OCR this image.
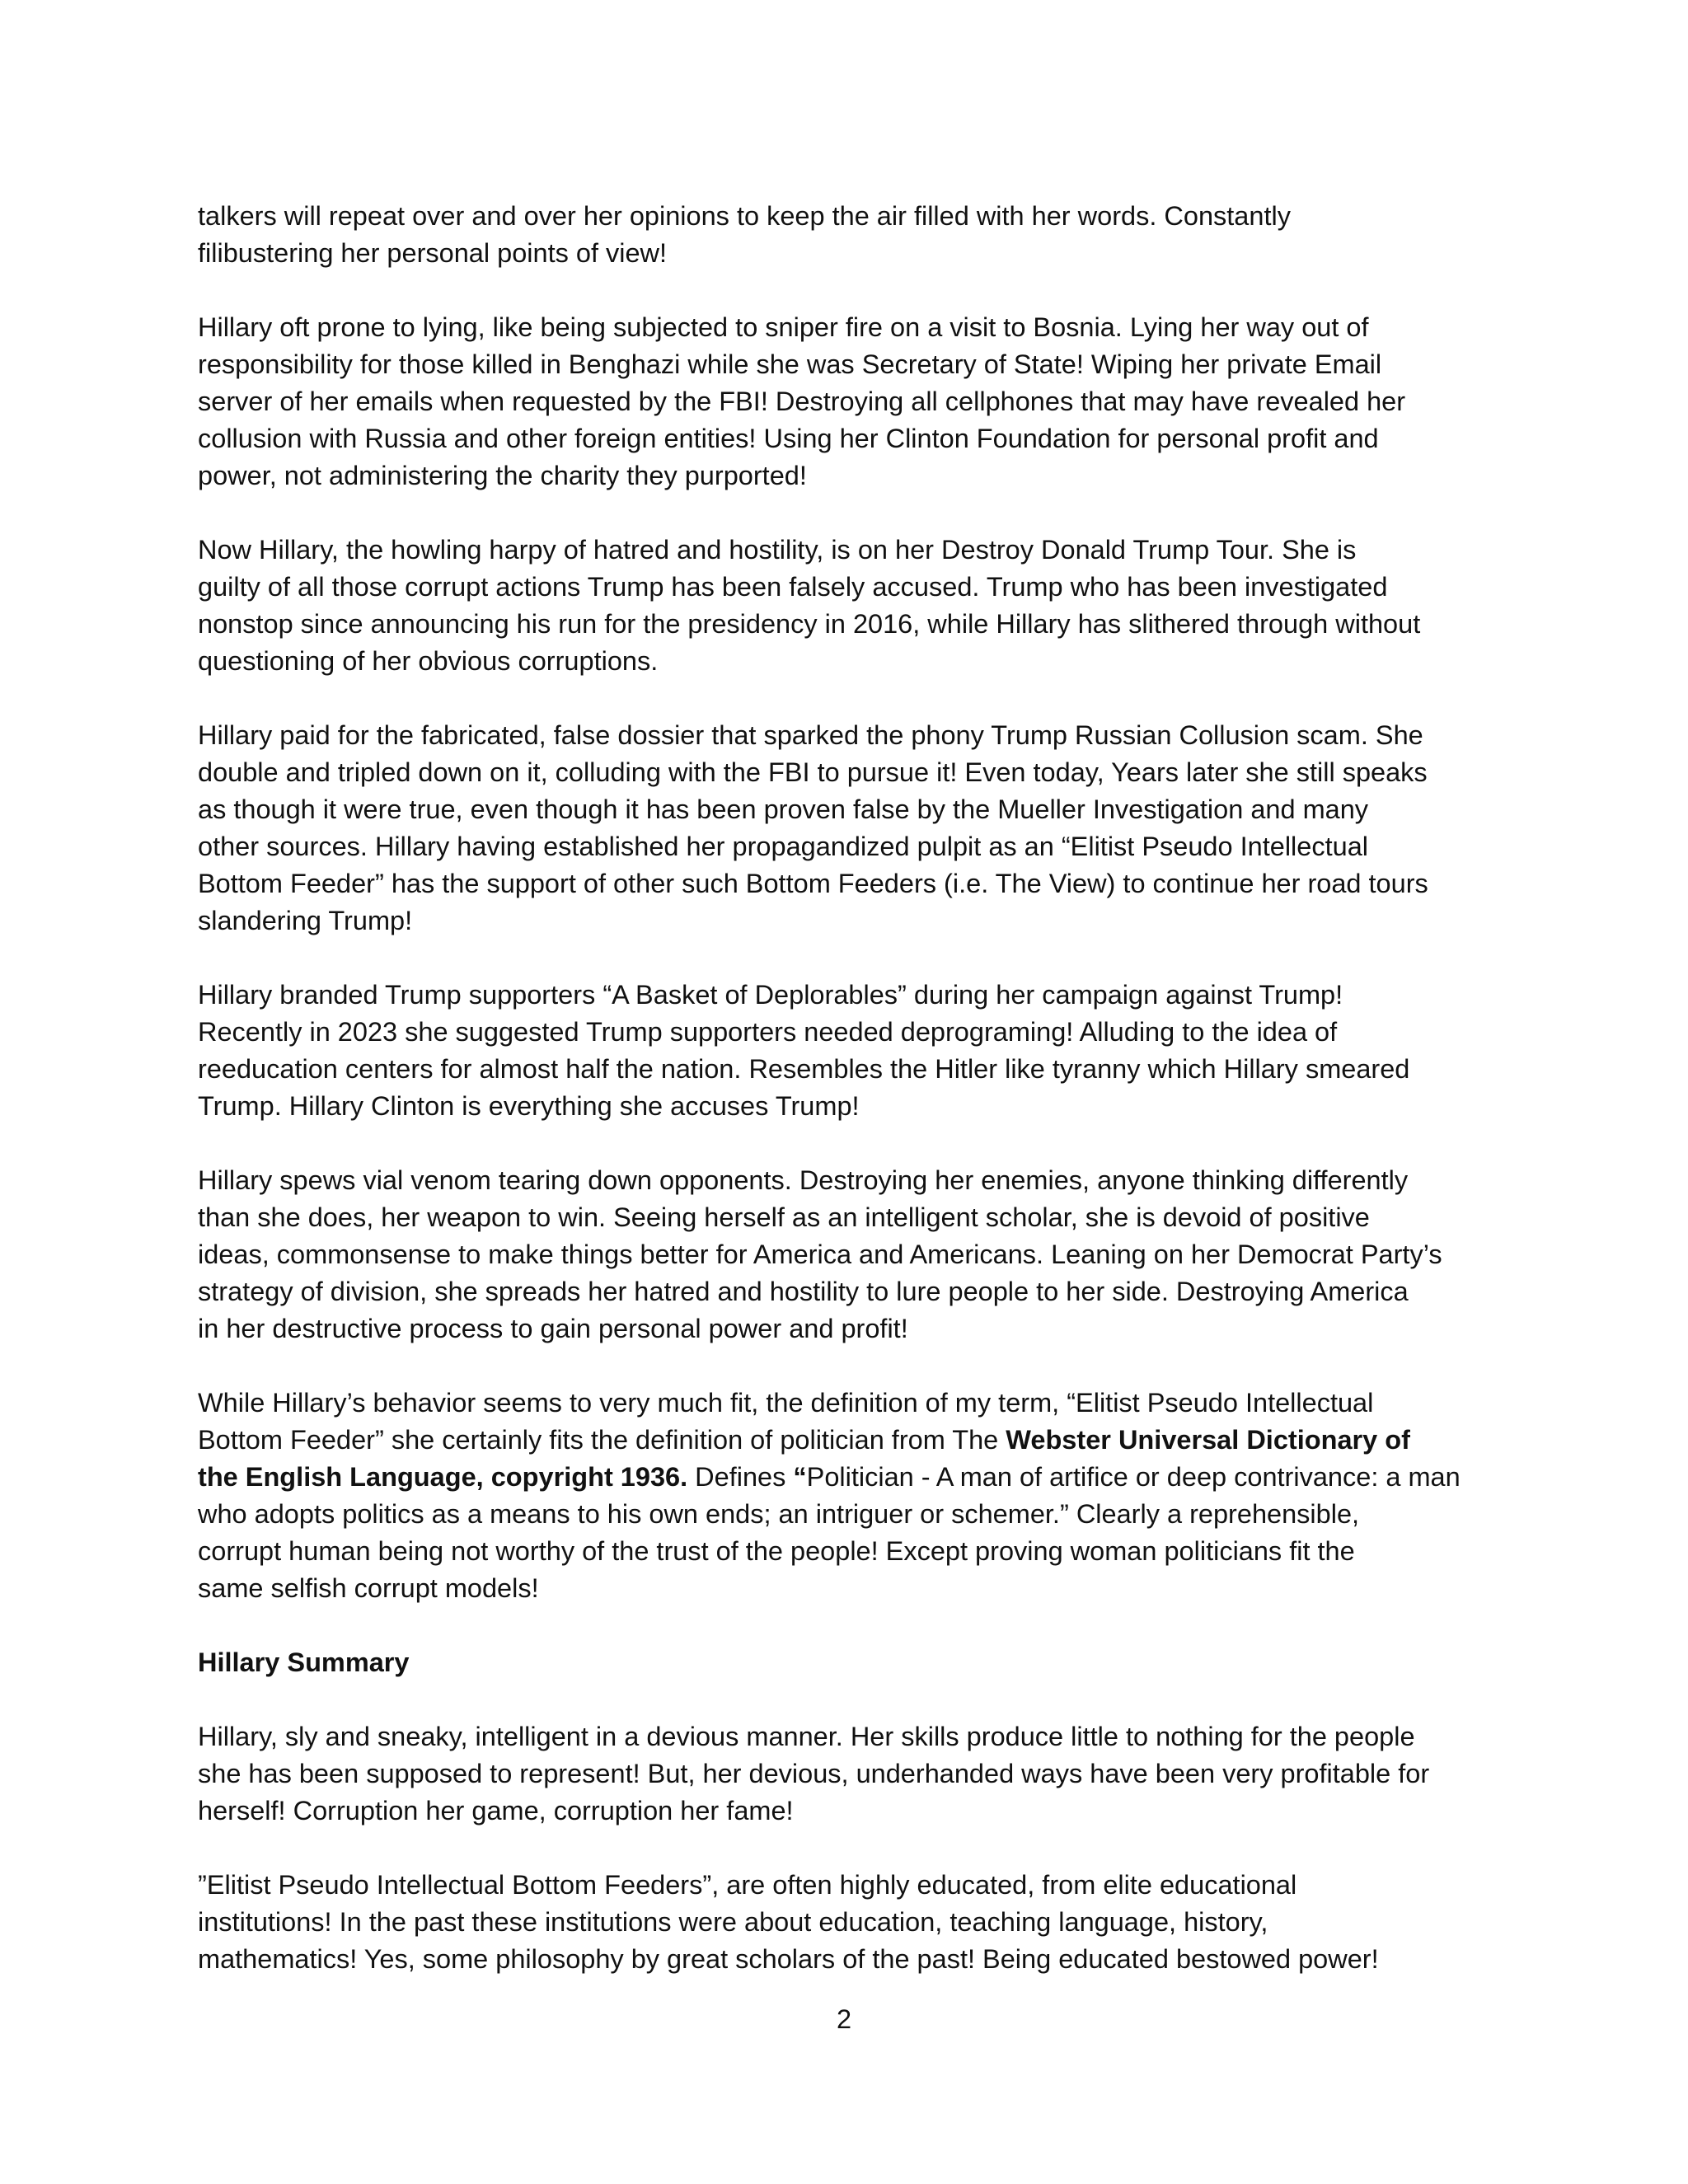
talkers will repeat over and over her opinions to keep the air filled with her words. Constantly
filibustering her personal points of view!

Hillary oft prone to lying, like being subjected to sniper fire on a visit to Bosnia. Lying her way out of
responsibility for those killed in Benghazi while she was Secretary of State! Wiping her private Email
server of her emails when requested by the FBI! Destroying all cellphones that may have revealed her
collusion with Russia and other foreign entities! Using her Clinton Foundation for personal profit and
power, not administering the charity they purported!

Now Hillary, the howling harpy of hatred and hostility, is on her Destroy Donald Trump Tour. She is
guilty of all those corrupt actions Trump has been falsely accused. Trump who has been investigated
nonstop since announcing his run for the presidency in 2016, while Hillary has slithered through without
questioning of her obvious corruptions.

Hillary paid for the fabricated, false dossier that sparked the phony Trump Russian Collusion scam. She
double and tripled down on it, colluding with the FBI to pursue it! Even today, Years later she still speaks
as though it were true, even though it has been proven false by the Mueller Investigation and many
other sources. Hillary having established her propagandized pulpit as an “Elitist Pseudo Intellectual
Bottom Feeder” has the support of other such Bottom Feeders (i.e. The View) to continue her road tours
slandering Trump!

Hillary branded Trump supporters “A Basket of Deplorables” during her campaign against Trump!
Recently in 2023 she suggested Trump supporters needed deprograming! Alluding to the idea of
reeducation centers for almost half the nation. Resembles the Hitler like tyranny which Hillary smeared
Trump. Hillary Clinton is everything she accuses Trump!

Hillary spews vial venom tearing down opponents. Destroying her enemies, anyone thinking differently
than she does, her weapon to win. Seeing herself as an intelligent scholar, she is devoid of positive
ideas, commonsense to make things better for America and Americans. Leaning on her Democrat Party’s
strategy of division, she spreads her hatred and hostility to lure people to her side. Destroying America
in her destructive process to gain personal power and profit!

While Hillary’s behavior seems to very much fit, the definition of my term, “Elitist Pseudo Intellectual
Bottom Feeder” she certainly fits the definition of politician from The Webster Universal Dictionary of
the English Language, copyright 1936. Defines “Politician - A man of artifice or deep contrivance: a man
who adopts politics as a means to his own ends; an intriguer or schemer.” Clearly a reprehensible,
corrupt human being not worthy of the trust of the people! Except proving woman politicians fit the
same selfish corrupt models!

Hillary Summary

Hillary, sly and sneaky, intelligent in a devious manner. Her skills produce little to nothing for the people
she has been supposed to represent! But, her devious, underhanded ways have been very profitable for
herself! Corruption her game, corruption her fame!

”Elitist Pseudo Intellectual Bottom Feeders”, are often highly educated, from elite educational
institutions! In the past these institutions were about education, teaching language, history,
mathematics! Yes, some philosophy by great scholars of the past! Being educated bestowed power!

2
